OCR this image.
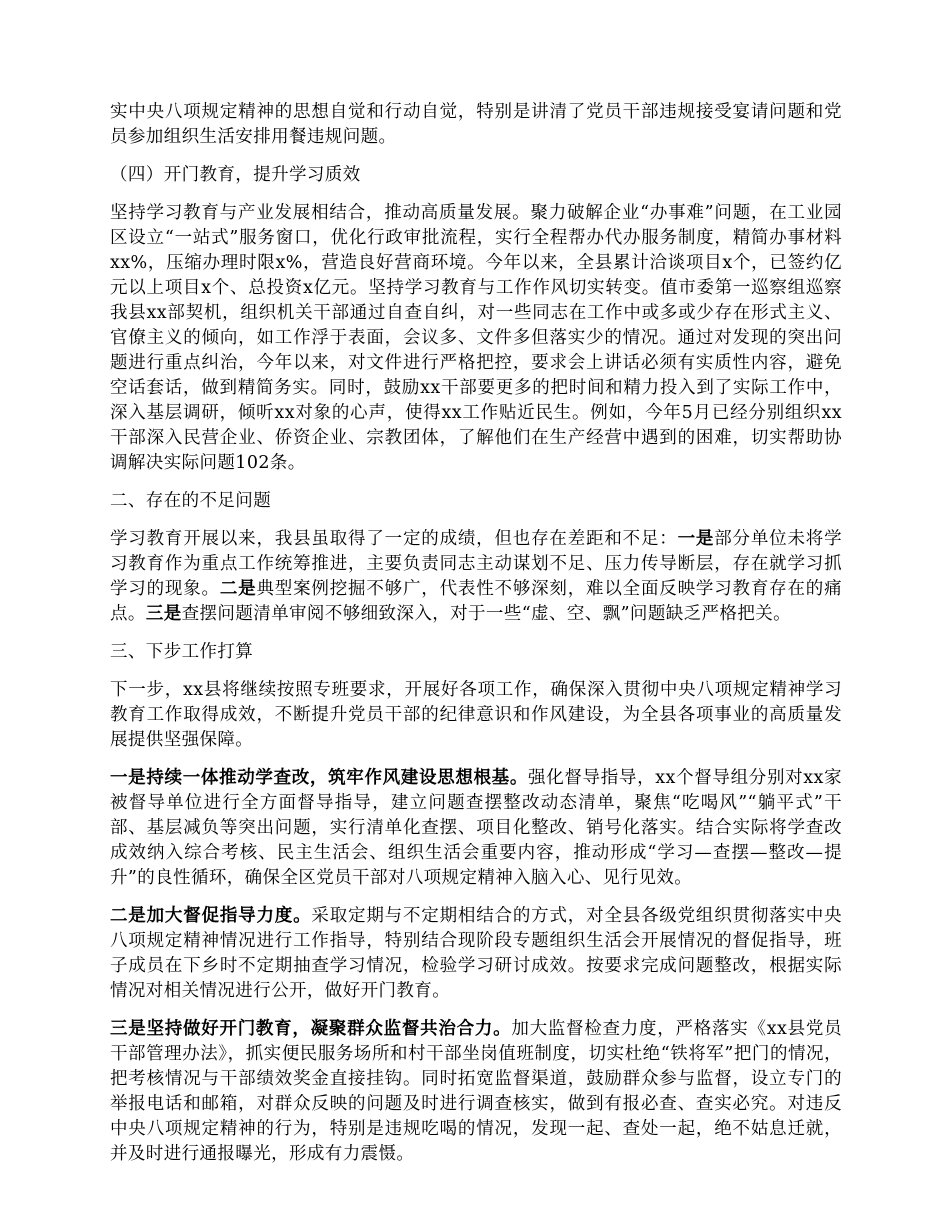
实中央八项规定精神的思想自觉和行动自觉，特别是讲清了党员干部违规接受宴请问题和党员参加组织生活安排用餐违规问题。

（四）开门教育，提升学习质效

坚持学习教育与产业发展相结合，推动高质量发展。聚力破解企业“办事难”问题，在工业园区设立“一站式”服务窗口，优化行政审批流程，实行全程帮办代办服务制度，精简办事材料xx%，压缩办理时限x%，营造良好营商环境。今年以来，全县累计洽谈项目x个，已签约亿元以上项目x个、总投资x亿元。坚持学习教育与工作作风切实转变。值市委第一巡察组巡察我县xx部契机，组织机关干部通过自查自纠，对一些同志在工作中或多或少存在形式主义、官僚主义的倾向，如工作浮于表面，会议多、文件多但落实少的情况。通过对发现的突出问题进行重点纠治，今年以来，对文件进行严格把控，要求会上讲话必须有实质性内容，避免空话套话，做到精简务实。同时，鼓励xx干部要更多的把时间和精力投入到了实际工作中，深入基层调研，倾听xx对象的心声，使得xx工作贴近民生。例如，今年5月已经分别组织xx干部深入民营企业、侨资企业、宗教团体，了解他们在生产经营中遇到的困难，切实帮助协调解决实际问题102条。

二、存在的不足问题

学习教育开展以来，我县虽取得了一定的成绩，但也存在差距和不足：一是部分单位未将学习教育作为重点工作统筹推进，主要负责同志主动谋划不足、压力传导断层，存在就学习抓学习的现象。二是典型案例挖掘不够广，代表性不够深刻，难以全面反映学习教育存在的痛点。三是查摆问题清单审阅不够细致深入，对于一些“虚、空、飘”问题缺乏严格把关。

三、下步工作打算

下一步，xx县将继续按照专班要求，开展好各项工作，确保深入贯彻中央八项规定精神学习教育工作取得成效，不断提升党员干部的纪律意识和作风建设，为全县各项事业的高质量发展提供坚强保障。

一是持续一体推动学查改，筑牢作风建设思想根基。强化督导指导，xx个督导组分别对xx家被督导单位进行全方面督导指导，建立问题查摆整改动态清单，聚焦“吃喝风”“躺平式”干部、基层减负等突出问题，实行清单化查摆、项目化整改、销号化落实。结合实际将学查改成效纳入综合考核、民主生活会、组织生活会重要内容，推动形成“学习—查摆—整改—提升”的良性循环，确保全区党员干部对八项规定精神入脑入心、见行见效。

二是加大督促指导力度。采取定期与不定期相结合的方式，对全县各级党组织贯彻落实中央八项规定精神情况进行工作指导，特别结合现阶段专题组织生活会开展情况的督促指导，班子成员在下乡时不定期抽查学习情况，检验学习研讨成效。按要求完成问题整改，根据实际情况对相关情况进行公开，做好开门教育。

三是坚持做好开门教育，凝聚群众监督共治合力。加大监督检查力度，严格落实《xx县党员干部管理办法》，抓实便民服务场所和村干部坐岗值班制度，切实杜绝“铁将军”把门的情况，把考核情况与干部绩效奖金直接挂钩。同时拓宽监督渠道，鼓励群众参与监督，设立专门的举报电话和邮箱，对群众反映的问题及时进行调查核实，做到有报必查、查实必究。对违反中央八项规定精神的行为，特别是违规吃喝的情况，发现一起、查处一起，绝不姑息迁就，并及时进行通报曝光，形成有力震慑。
